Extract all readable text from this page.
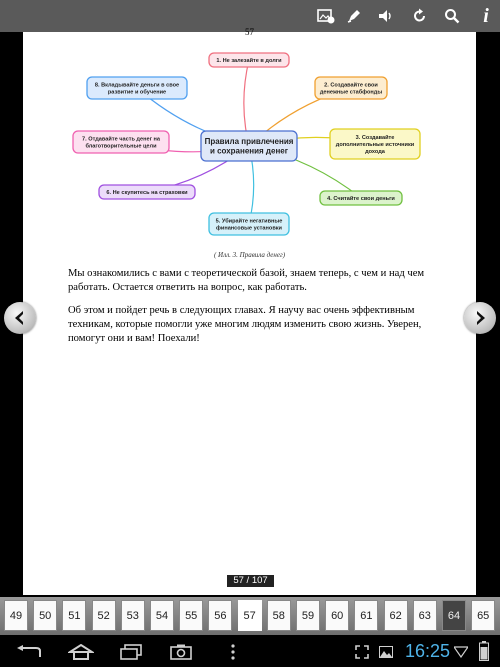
i
57
1. Не залезайте в долги
2. Создавайте свои
денежные стабфонды
3. Создавайте
дополнительные источники
дохода
4. Считайте свои деньги
5. Убирайте негативные
финансовые установки
6. Не скупитесь на страховки
7. Отдавайте часть денег на
благотворительные цели
8. Вкладывайте деньги в свое
развитие и обучение
Правила привлечения
и сохранения денег
( Илл. 3. Правила денег)
Мы ознакомились с вами с теоретической базой, знаем теперь, с чем и над чем работать. Остается ответить на вопрос, как работать.
Об этом и пойдет речь в следующих главах. Я научу вас очень эффективным техникам, которые помогли уже многим людям изменить свою жизнь. Уверен, помогут они и вам! Поехали!
57 / 107
49	50	51	52	53	54	55	56	57	58	59	60	61	62	63	64	65
16:25
